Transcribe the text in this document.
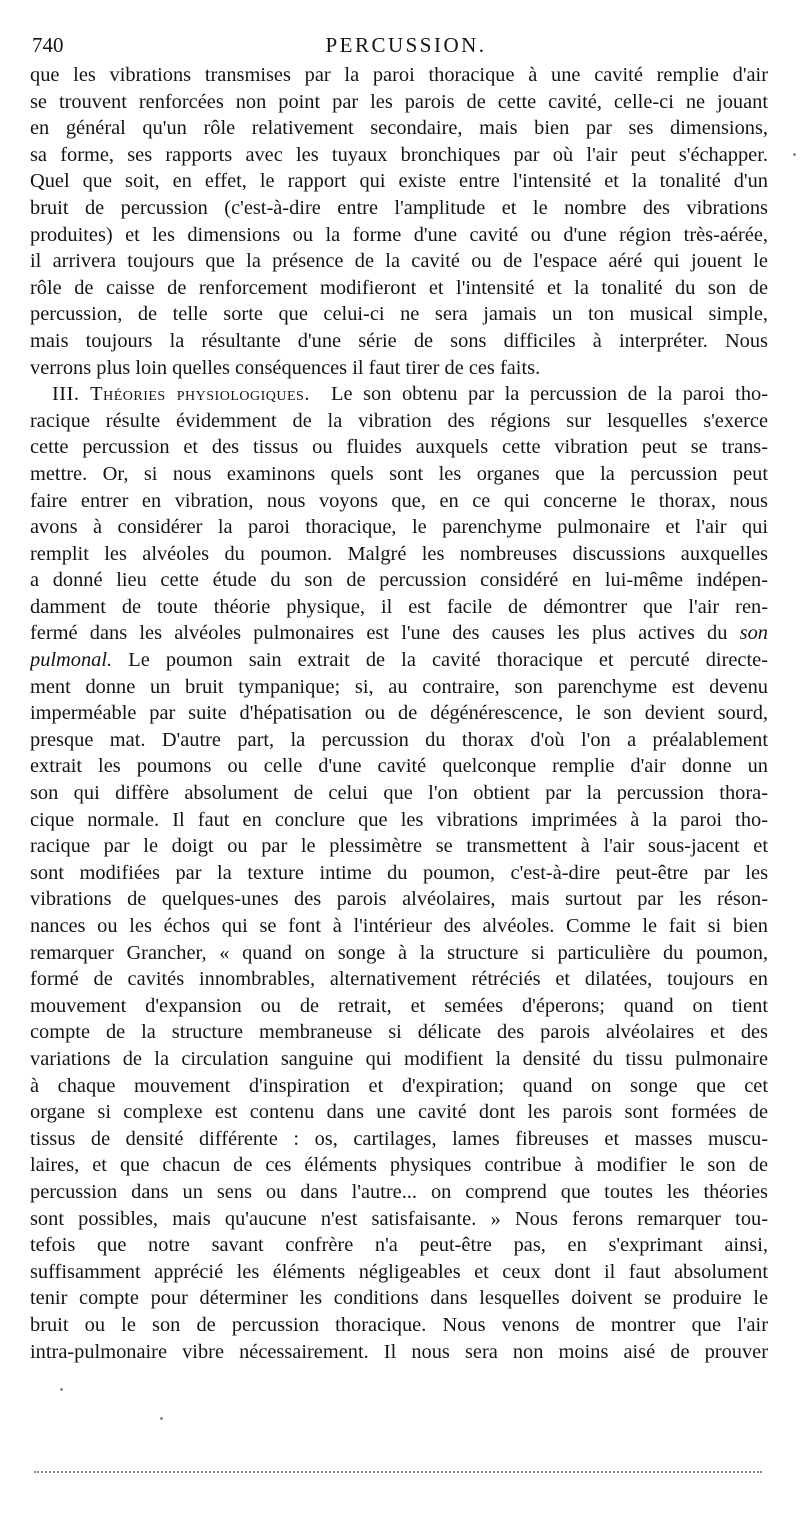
740	PERCUSSION.
que les vibrations transmises par la paroi thoracique à une cavité remplie d'air
se trouvent renforcées non point par les parois de cette cavité, celle-ci ne jouant
en général qu'un rôle relativement secondaire, mais bien par ses dimensions,
sa forme, ses rapports avec les tuyaux bronchiques par où l'air peut s'échapper.
Quel que soit, en effet, le rapport qui existe entre l'intensité et la tonalité d'un
bruit de percussion (c'est-à-dire entre l'amplitude et le nombre des vibrations
produites) et les dimensions ou la forme d'une cavité ou d'une région très-aérée,
il arrivera toujours que la présence de la cavité ou de l'espace aéré qui jouent le
rôle de caisse de renforcement modifieront et l'intensité et la tonalité du son de
percussion, de telle sorte que celui-ci ne sera jamais un ton musical simple,
mais toujours la résultante d'une série de sons difficiles à interpréter. Nous
verrons plus loin quelles conséquences il faut tirer de ces faits.
III. Théories physiologiques. Le son obtenu par la percussion de la paroi tho-
racique résulte évidemment de la vibration des régions sur lesquelles s'exerce
cette percussion et des tissus ou fluides auxquels cette vibration peut se trans-
mettre. Or, si nous examinons quels sont les organes que la percussion peut
faire entrer en vibration, nous voyons que, en ce qui concerne le thorax, nous
avons à considérer la paroi thoracique, le parenchyme pulmonaire et l'air qui
remplit les alvéoles du poumon. Malgré les nombreuses discussions auxquelles
a donné lieu cette étude du son de percussion considéré en lui-même indépen-
damment de toute théorie physique, il est facile de démontrer que l'air ren-
fermé dans les alvéoles pulmonaires est l'une des causes les plus actives du son
pulmonal. Le poumon sain extrait de la cavité thoracique et percuté directe-
ment donne un bruit tympanique; si, au contraire, son parenchyme est devenu
imperméable par suite d'hépatisation ou de dégénérescence, le son devient sourd,
presque mat. D'autre part, la percussion du thorax d'où l'on a préalablement
extrait les poumons ou celle d'une cavité quelconque remplie d'air donne un
son qui diffère absolument de celui que l'on obtient par la percussion thora-
cique normale. Il faut en conclure que les vibrations imprimées à la paroi tho-
racique par le doigt ou par le plessimètre se transmettent à l'air sous-jacent et
sont modifiées par la texture intime du poumon, c'est-à-dire peut-être par les
vibrations de quelques-unes des parois alvéolaires, mais surtout par les réson-
nances ou les échos qui se font à l'intérieur des alvéoles. Comme le fait si bien
remarquer Grancher, « quand on songe à la structure si particulière du poumon,
formé de cavités innombrables, alternativement rétréciés et dilatées, toujours en
mouvement d'expansion ou de retrait, et semées d'éperons; quand on tient
compte de la structure membraneuse si délicate des parois alvéolaires et des
variations de la circulation sanguine qui modifient la densité du tissu pulmonaire
à chaque mouvement d'inspiration et d'expiration; quand on songe que cet
organe si complexe est contenu dans une cavité dont les parois sont formées de
tissus de densité différente : os, cartilages, lames fibreuses et masses muscu-
laires, et que chacun de ces éléments physiques contribue à modifier le son de
percussion dans un sens ou dans l'autre... on comprend que toutes les théories
sont possibles, mais qu'aucune n'est satisfaisante. » Nous ferons remarquer tou-
tefois que notre savant confrère n'a peut-être pas, en s'exprimant ainsi,
suffisamment apprécié les éléments négligeables et ceux dont il faut absolument
tenir compte pour déterminer les conditions dans lesquelles doivent se produire le
bruit ou le son de percussion thoracique. Nous venons de montrer que l'air
intra-pulmonaire vibre nécessairement. Il nous sera non moins aisé de prouver
